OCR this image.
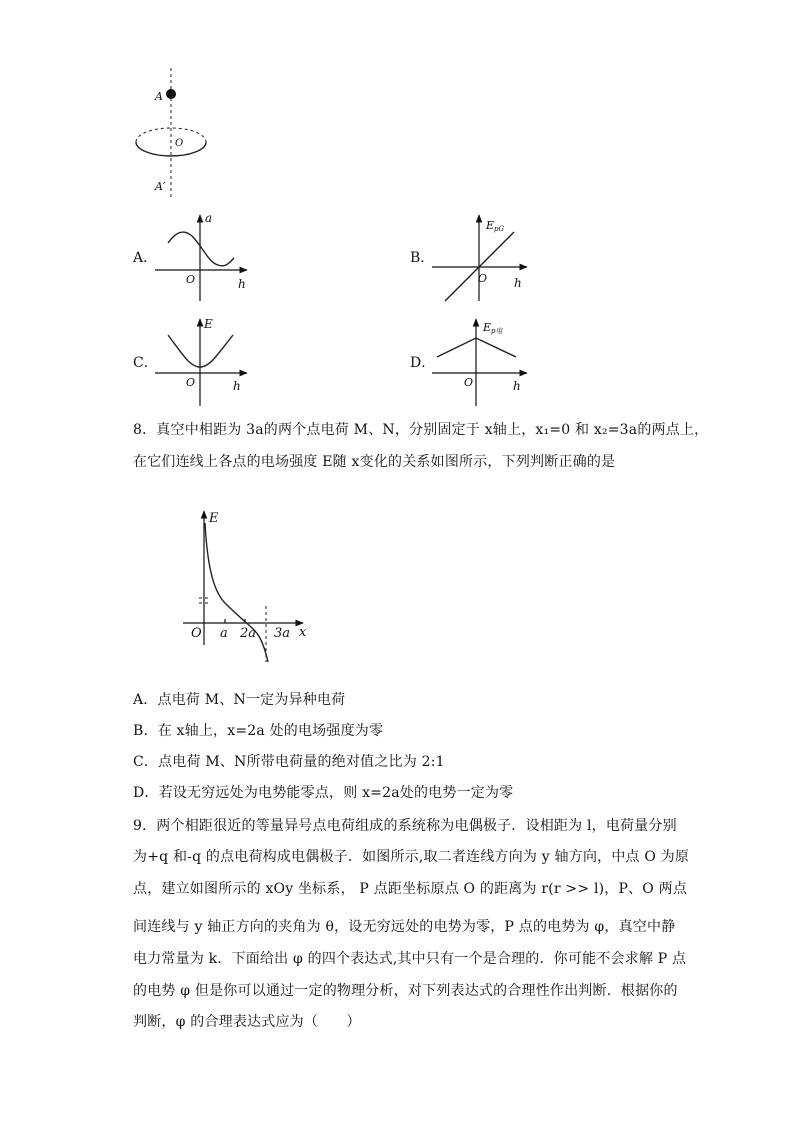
A
O
A′
a
O	h
EpG
O h
E
O	h
Ep电
O	h
E
x
O a 2a 3a
A．	B．
C．	D．
8．真空中相距为 3a的两个点电荷 M、N，分别固定于 x轴上，x₁=0 和 x₂=3a的两点上，
在它们连线上各点的电场强度 E随 x变化的关系如图所示，下列判断正确的是
A．点电荷 M、N一定为异种电荷
B．在 x轴上，x=2a 处的电场强度为零
C．点电荷 M、N所带电荷量的绝对值之比为 2:1
D．若设无穷远处为电势能零点，则 x=2a处的电势一定为零
9．两个相距很近的等量异号点电荷组成的系统称为电偶极子．设相距为 l，电荷量分别
为+q 和-q 的点电荷构成电偶极子．如图所示,取二者连线方向为 y 轴方向，中点 O 为原
点，建立如图所示的 xOy 坐标系， P 点距坐标原点 O 的距离为 r(r >> l)，P、O 两点
间连线与 y 轴正方向的夹角为 θ，设无穷远处的电势为零，P 点的电势为 φ，真空中静
电力常量为 k．下面给出 φ 的四个表达式,其中只有一个是合理的．你可能不会求解 P 点
的电势 φ 但是你可以通过一定的物理分析，对下列表达式的合理性作出判断．根据你的
判断，φ 的合理表达式应为（　　）
